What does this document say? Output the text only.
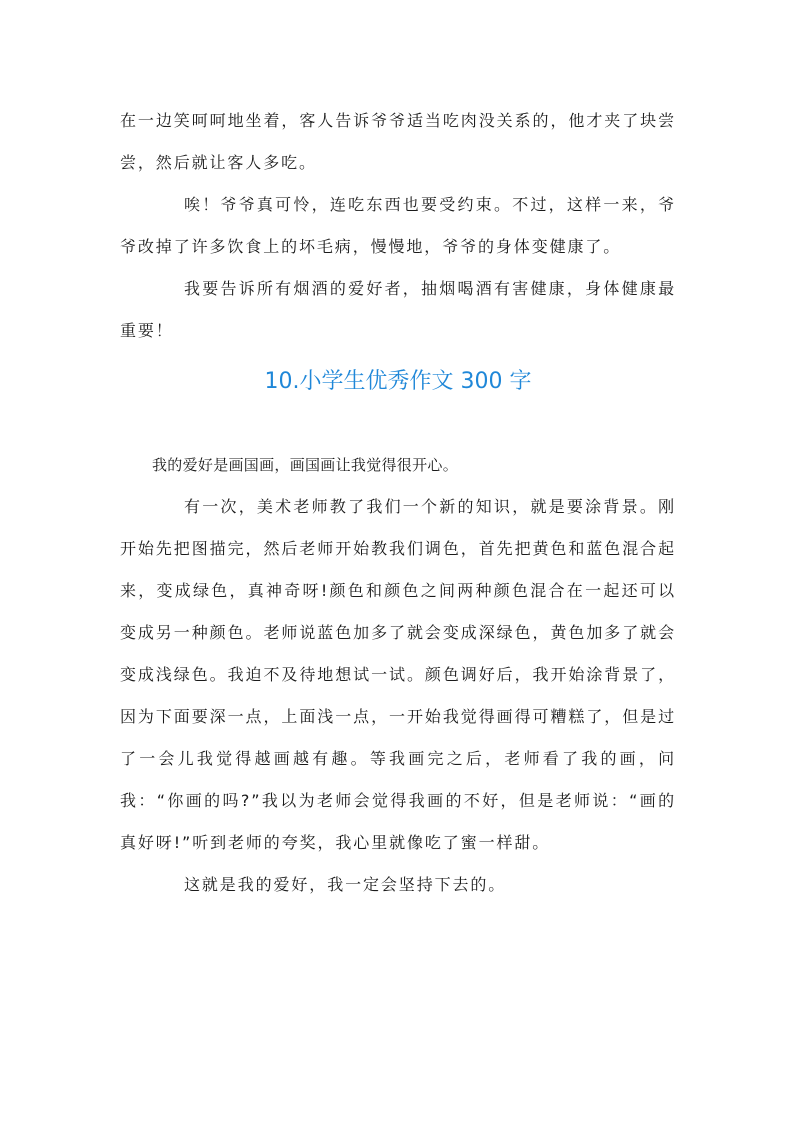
在一边笑呵呵地坐着，客人告诉爷爷适当吃肉没关系的，他才夹了块尝尝，然后就让客人多吃。

唉！爷爷真可怜，连吃东西也要受约束。不过，这样一来，爷爷改掉了许多饮食上的坏毛病，慢慢地，爷爷的身体变健康了。

我要告诉所有烟酒的爱好者，抽烟喝酒有害健康，身体健康最重要！

10.小学生优秀作文 300 字

我的爱好是画国画，画国画让我觉得很开心。

有一次，美术老师教了我们一个新的知识，就是要涂背景。刚开始先把图描完，然后老师开始教我们调色，首先把黄色和蓝色混合起来，变成绿色，真神奇呀!颜色和颜色之间两种颜色混合在一起还可以变成另一种颜色。老师说蓝色加多了就会变成深绿色，黄色加多了就会变成浅绿色。我迫不及待地想试一试。颜色调好后，我开始涂背景了，因为下面要深一点，上面浅一点，一开始我觉得画得可糟糕了，但是过了一会儿我觉得越画越有趣。等我画完之后，老师看了我的画，问我：“你画的吗?”我以为老师会觉得我画的不好，但是老师说：“画的真好呀!”听到老师的夸奖，我心里就像吃了蜜一样甜。

这就是我的爱好，我一定会坚持下去的。
